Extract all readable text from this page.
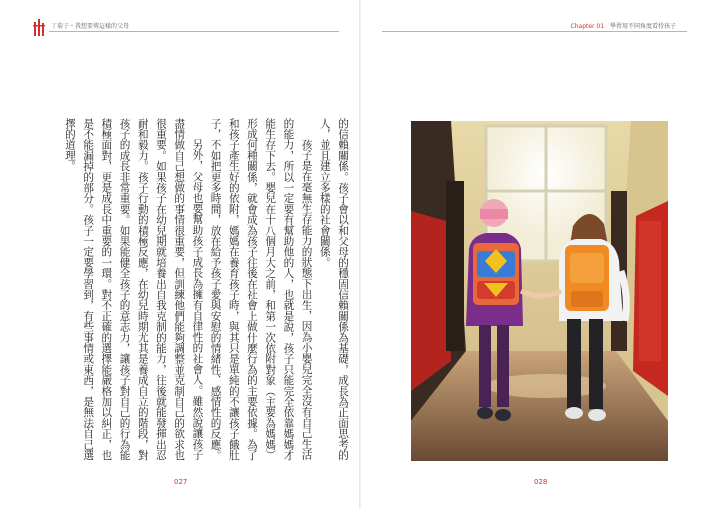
丁菊子・我想要傳這樣的父母	Chapter 01 學習用不同角度看待孩子

的信賴關係。孩子會以和父母的穩固信賴關係為基礎，成長為正面思考的人，並且建立多樣的社會關係。

孩子是在毫無生存能力的狀態下出生，因為小嬰兒完全沒有自己生活的能力，所以一定要有幫助他的人，也就是說，孩子只能完全依靠媽媽才能生存下去。嬰兒在十八個月大之前，和第一次依附對象（主要為媽媽）形成何種關係，就會成為孩子往後在社會上做什麼行為的主要依據。為了和孩子產生好的依附，媽媽在養育孩子時，與其只是單純的不讓孩子餓肚子，不如把更多時間，放在給予孩子愛與安慰的情緒性、感情性的反應。

另外，父母也要幫助孩子成長為擁有自律性的社會人。雖然說讓孩子盡情做自己想做的事情很重要，但訓練他們能夠調整並克制自己的欲求也很重要。如果孩子在幼兒期就培養出自我克制的能力，往後就能發揮出忍耐和毅力。孩子行動的積極反應，在幼兒時期尤其是養成自立的階段，對孩子的成長非常重要。如果能健全孩子的意志力，讓孩子對自己的行為能積極面對，更是成長中重要的一環。對不正確的選擇能嚴格加以糾正，也是不能漏掉的部分。孩子一定要學習到，有些事情或東西，是無法自己選擇的道理。

027	028
